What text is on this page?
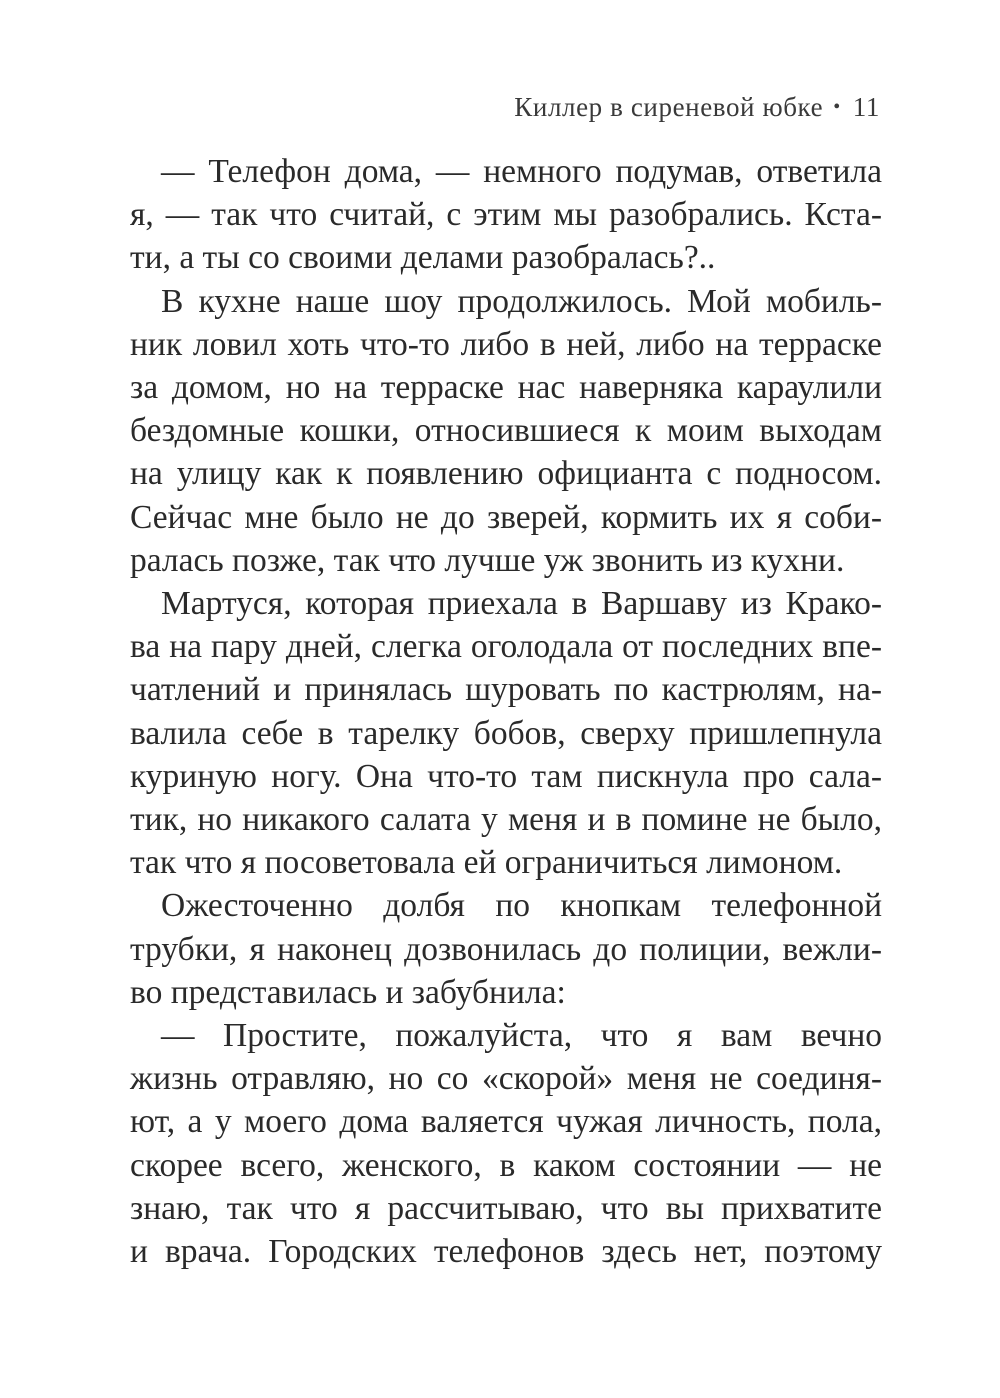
Киллер в сиреневой юбке • 11
— Телефон дома, — немного подумав, ответила
я, — так что считай, с этим мы разобрались. Кста-
ти, а ты со своими делами разобралась?..
В кухне наше шоу продолжилось. Мой мобиль-
ник ловил хоть что-то либо в ней, либо на терраске
за домом, но на терраске нас наверняка караулили
бездомные кошки, относившиеся к моим выходам
на улицу как к появлению официанта с подносом.
Сейчас мне было не до зверей, кормить их я соби-
ралась позже, так что лучше уж звонить из кухни.
Мартуся, которая приехала в Варшаву из Крако-
ва на пару дней, слегка оголодала от последних впе-
чатлений и принялась шуровать по кастрюлям, на-
валила себе в тарелку бобов, сверху пришлепнула
куриную ногу. Она что-то там пискнула про сала-
тик, но никакого салата у меня и в помине не было,
так что я посоветовала ей ограничиться лимоном.
Ожесточенно долбя по кнопкам телефонной
трубки, я наконец дозвонилась до полиции, вежли-
во представилась и забубнила:
— Простите, пожалуйста, что я вам вечно
жизнь отравляю, но со «скорой» меня не соединя-
ют, а у моего дома валяется чужая личность, пола,
скорее всего, женского, в каком состоянии — не
знаю, так что я рассчитываю, что вы прихватите
и врача. Городских телефонов здесь нет, поэтому
